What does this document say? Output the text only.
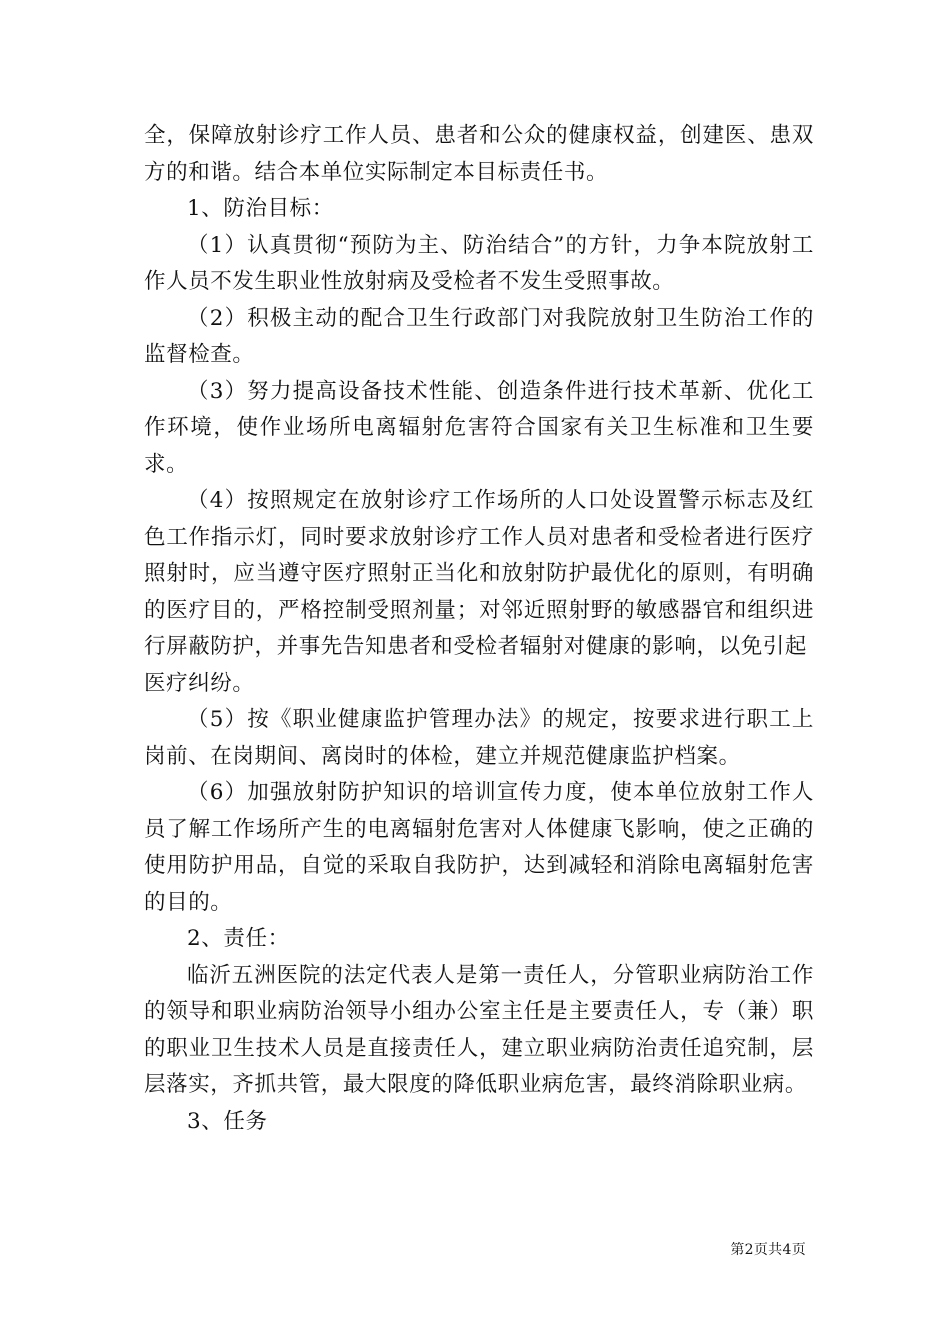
全，保障放射诊疗工作人员、患者和公众的健康权益，创建医、患双方的和谐。结合本单位实际制定本目标责任书。

1、防治目标：

（1）认真贯彻“预防为主、防治结合”的方针，力争本院放射工作人员不发生职业性放射病及受检者不发生受照事故。

（2）积极主动的配合卫生行政部门对我院放射卫生防治工作的监督检查。

（3）努力提高设备技术性能、创造条件进行技术革新、优化工作环境，使作业场所电离辐射危害符合国家有关卫生标准和卫生要求。

（4）按照规定在放射诊疗工作场所的人口处设置警示标志及红色工作指示灯，同时要求放射诊疗工作人员对患者和受检者进行医疗照射时，应当遵守医疗照射正当化和放射防护最优化的原则，有明确的医疗目的，严格控制受照剂量；对邻近照射野的敏感器官和组织进行屏蔽防护，并事先告知患者和受检者辐射对健康的影响，以免引起

医疗纠纷。

（5）按《职业健康监护管理办法》的规定，按要求进行职工上岗前、在岗期间、离岗时的体检，建立并规范健康监护档案。

（6）加强放射防护知识的培训宣传力度，使本单位放射工作人员了解工作场所产生的电离辐射危害对人体健康飞影响，使之正确的使用防护用品，自觉的采取自我防护，达到减轻和消除电离辐射危害的目的。

2、责任：

临沂五洲医院的法定代表人是第一责任人，分管职业病防治工作的领导和职业病防治领导小组办公室主任是主要责任人，专（兼）职的职业卫生技术人员是直接责任人，建立职业病防治责任追究制，层层落实，齐抓共管，最大限度的降低职业病危害，最终消除职业病。

3、任务

第2页共4页
